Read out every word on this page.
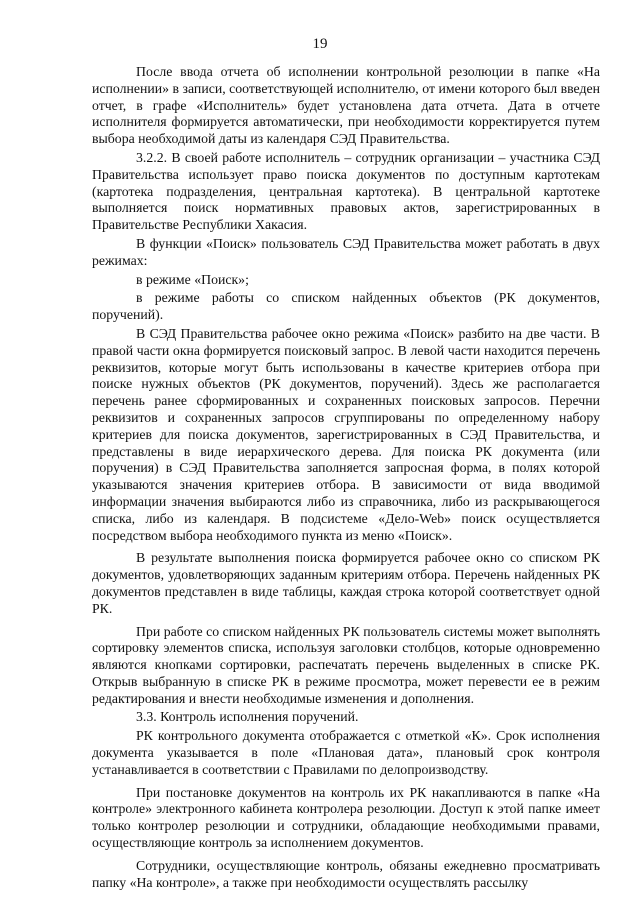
19

После ввода отчета об исполнении контрольной резолюции в папке «На исполнении» в записи, соответствующей исполнителю, от имени которого был введен отчет, в графе «Исполнитель» будет установлена дата отчета. Дата в отчете исполнителя формируется автоматически, при необходимости корректируется путем выбора необходимой даты из календаря СЭД Правительства.

3.2.2. В своей работе исполнитель – сотрудник организации – участника СЭД Правительства использует право поиска документов по доступным картотекам (картотека подразделения, центральная картотека). В центральной картотеке выполняется поиск нормативных правовых актов, зарегистрированных в Правительстве Республики Хакасия.

В функции «Поиск» пользователь СЭД Правительства может работать в двух режимах:

в режиме «Поиск»;

в режиме работы со списком найденных объектов (РК документов, поручений).

В СЭД Правительства рабочее окно режима «Поиск» разбито на две части. В правой части окна формируется поисковый запрос. В левой части находится перечень реквизитов, которые могут быть использованы в качестве критериев отбора при поиске нужных объектов (РК документов, поручений). Здесь же располагается перечень ранее сформированных и сохраненных поисковых запросов. Перечни реквизитов и сохраненных запросов сгруппированы по определенному набору критериев для поиска документов, зарегистрированных в СЭД Правительства, и представлены в виде иерархического дерева. Для поиска РК документа (или поручения) в СЭД Правительства заполняется запросная форма, в полях которой указываются значения критериев отбора. В зависимости от вида вводимой информации значения выбираются либо из справочника, либо из раскрывающегося списка, либо из календаря. В подсистеме «Дело-Web» поиск осуществляется посредством выбора необходимого пункта из меню «Поиск».

В результате выполнения поиска формируется рабочее окно со списком РК документов, удовлетворяющих заданным критериям отбора. Перечень найденных РК документов представлен в виде таблицы, каждая строка которой соответствует одной РК.

При работе со списком найденных РК пользователь системы может выполнять сортировку элементов списка, используя заголовки столбцов, которые одновременно являются кнопками сортировки, распечатать перечень выделенных в списке РК. Открыв выбранную в списке РК в режиме просмотра, может перевести ее в режим редактирования и внести необходимые изменения и дополнения.

3.3. Контроль исполнения поручений.

РК контрольного документа отображается с отметкой «К». Срок исполнения документа указывается в поле «Плановая дата», плановый срок контроля устанавливается в соответствии с Правилами по делопроизводству.

При постановке документов на контроль их РК накапливаются в папке «На контроле» электронного кабинета контролера резолюции. Доступ к этой папке имеет только контролер резолюции и сотрудники, обладающие необходимыми правами, осуществляющие контроль за исполнением документов.

Сотрудники, осуществляющие контроль, обязаны ежедневно просматривать папку «На контроле», а также при необходимости осуществлять рассылку
